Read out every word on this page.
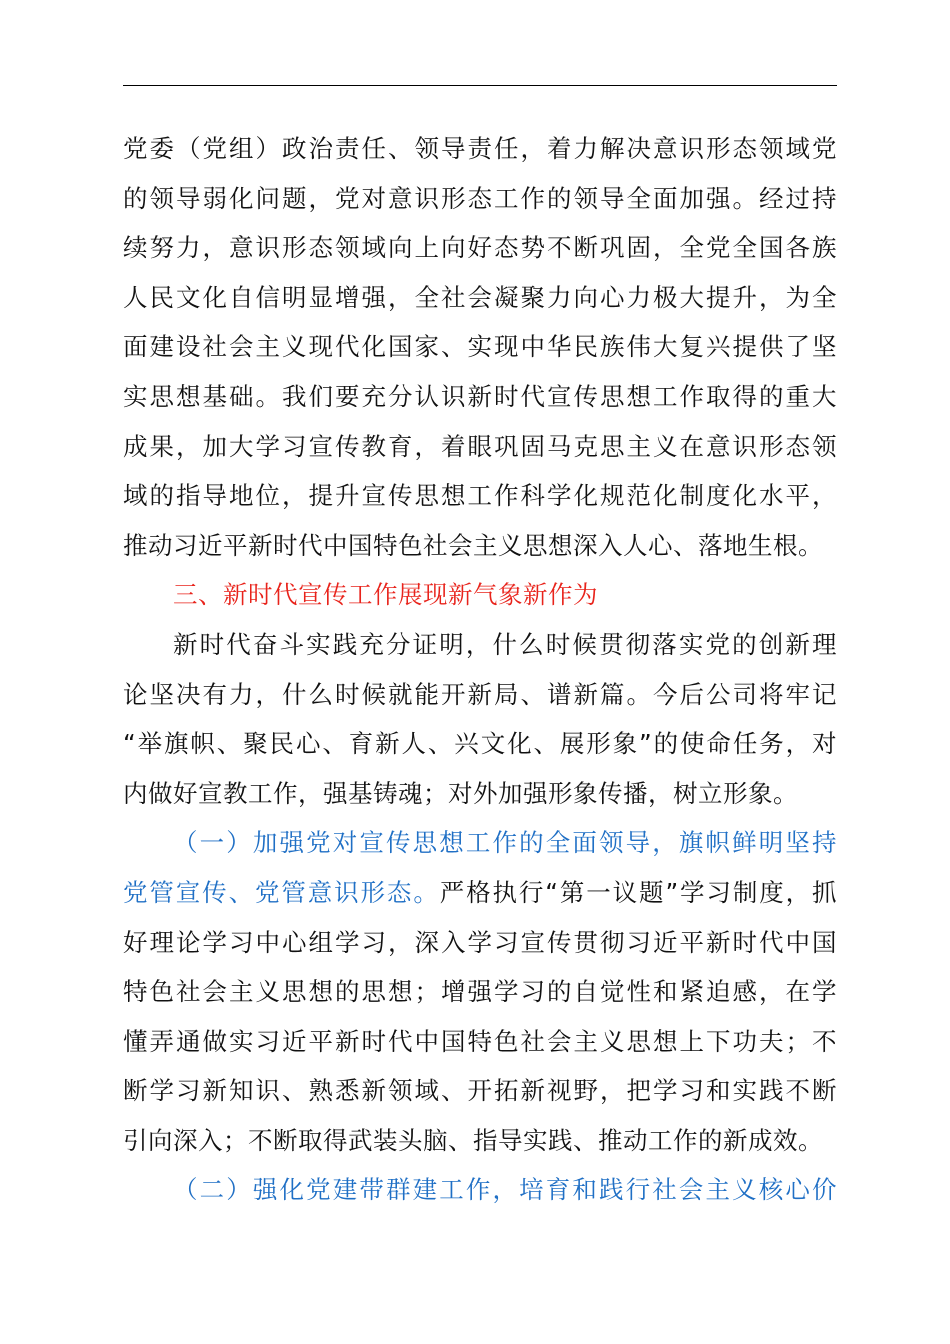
党委（党组）政治责任、领导责任，着力解决意识形态领域党
的领导弱化问题，党对意识形态工作的领导全面加强。经过持
续努力，意识形态领域向上向好态势不断巩固，全党全国各族
人民文化自信明显增强，全社会凝聚力向心力极大提升，为全
面建设社会主义现代化国家、实现中华民族伟大复兴提供了坚
实思想基础。我们要充分认识新时代宣传思想工作取得的重大
成果，加大学习宣传教育，着眼巩固马克思主义在意识形态领
域的指导地位，提升宣传思想工作科学化规范化制度化水平，
推动习近平新时代中国特色社会主义思想深入人心、落地生根。
三、新时代宣传工作展现新气象新作为
新时代奋斗实践充分证明，什么时候贯彻落实党的创新理
论坚决有力，什么时候就能开新局、谱新篇。今后公司将牢记
“举旗帜、聚民心、育新人、兴文化、展形象”的使命任务，对
内做好宣教工作，强基铸魂；对外加强形象传播，树立形象。
（一）加强党对宣传思想工作的全面领导，旗帜鲜明坚持
党管宣传、党管意识形态。严格执行“第一议题”学习制度，抓
好理论学习中心组学习，深入学习宣传贯彻习近平新时代中国
特色社会主义思想的思想；增强学习的自觉性和紧迫感，在学
懂弄通做实习近平新时代中国特色社会主义思想上下功夫；不
断学习新知识、熟悉新领域、开拓新视野，把学习和实践不断
引向深入；不断取得武装头脑、指导实践、推动工作的新成效。
（二）强化党建带群建工作，培育和践行社会主义核心价
